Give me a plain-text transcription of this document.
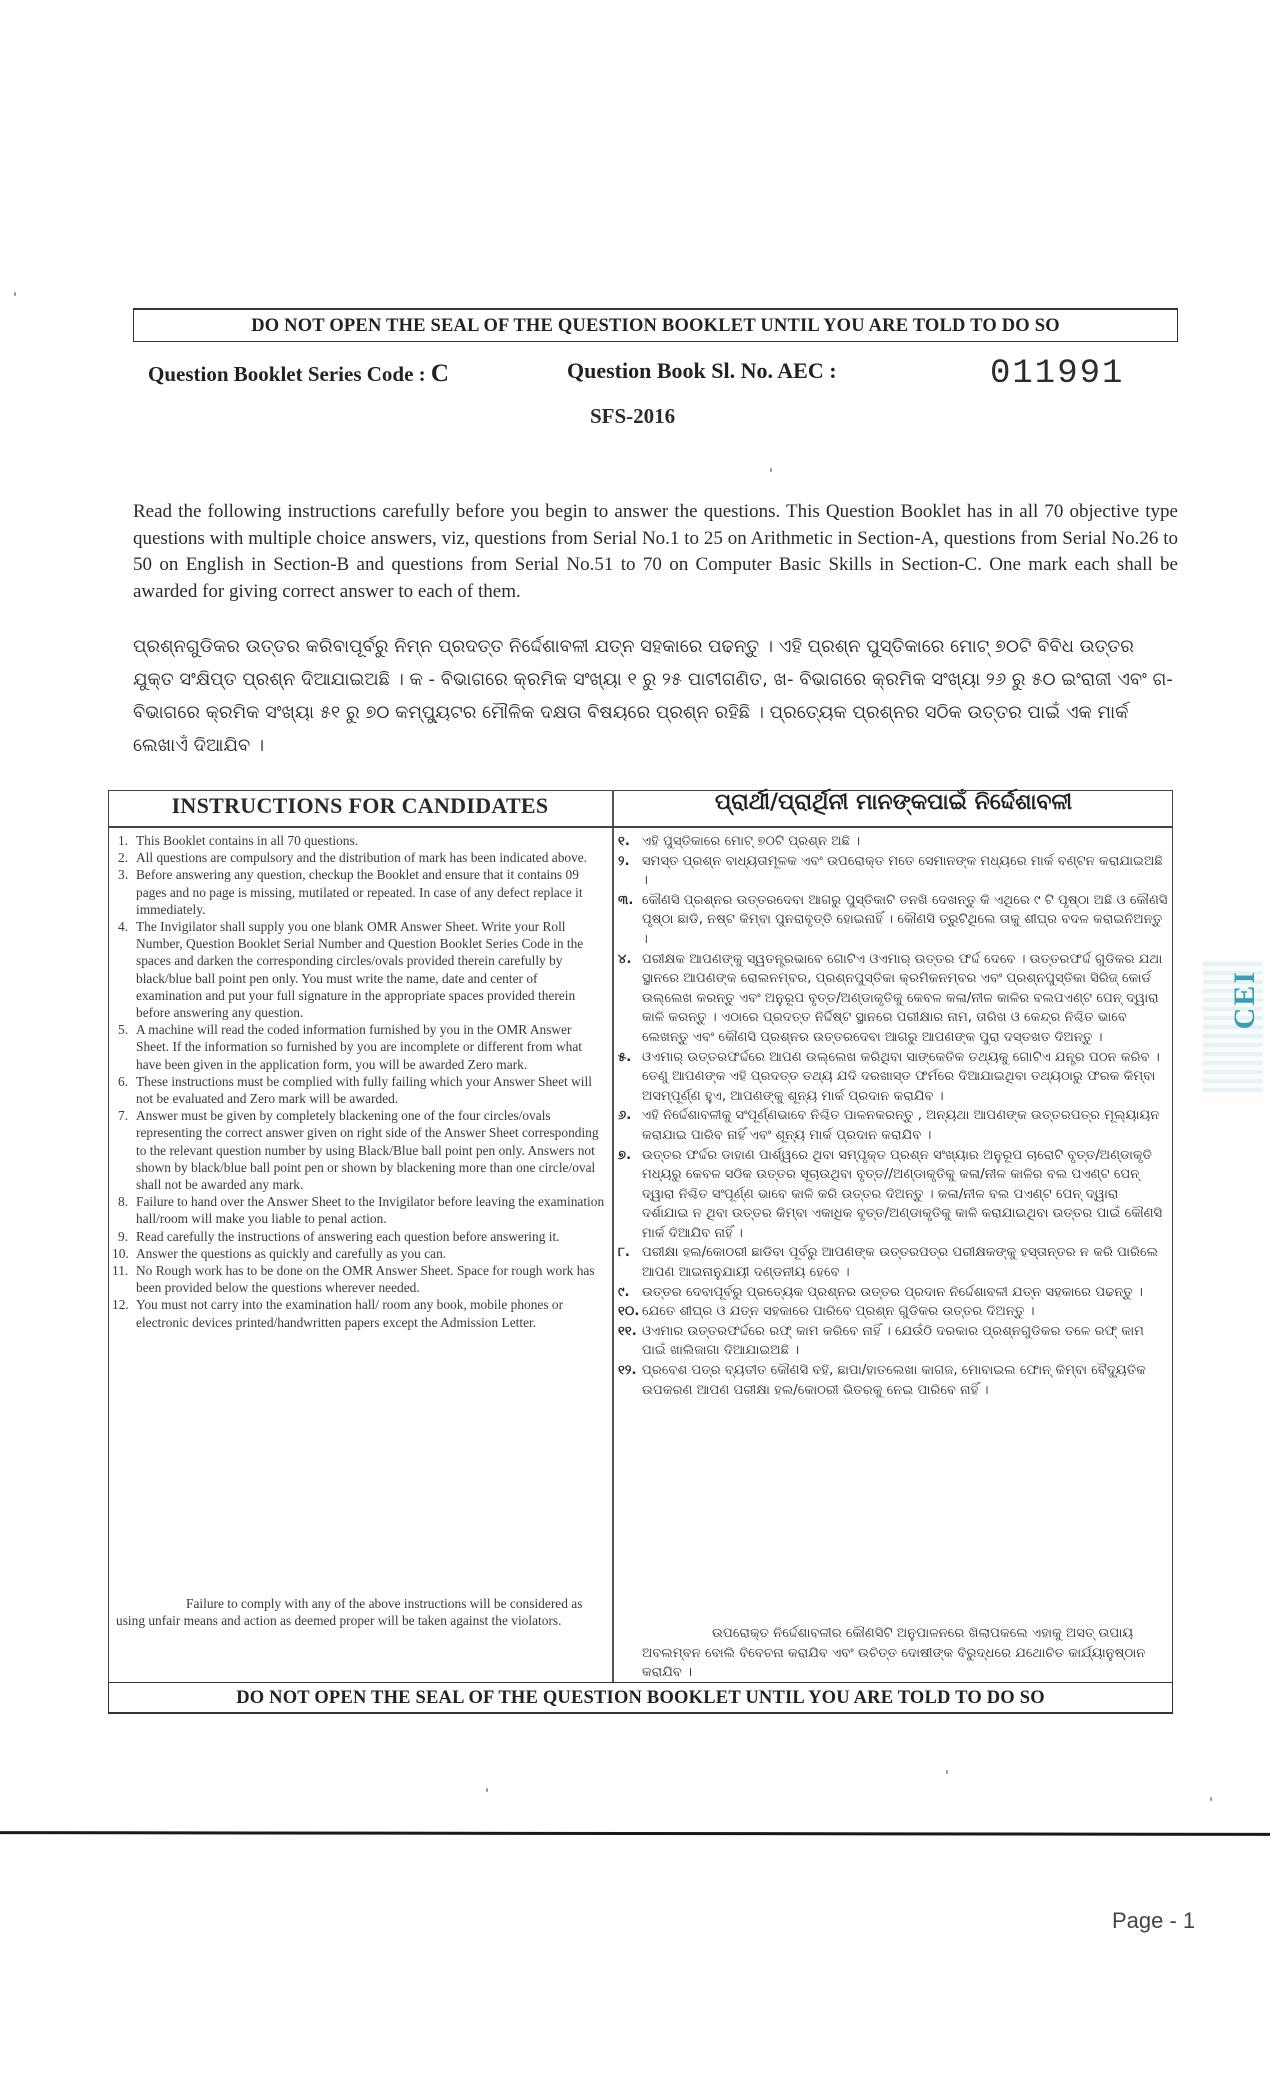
DO NOT OPEN THE SEAL OF THE QUESTION BOOKLET UNTIL YOU ARE TOLD TO DO SO
Question Booklet Series Code : C	Question Book Sl. No. AEC :	011991
SFS-2016
Read the following instructions carefully before you begin to answer the questions. This Question Booklet has in all 70 objective type questions with multiple choice answers, viz, questions from Serial No.1 to 25 on Arithmetic in Section-A, questions from Serial No.26 to 50 on English in Section-B and questions from Serial No.51 to 70 on Computer Basic Skills in Section-C. One mark each shall be awarded for giving correct answer to each of them.
ପ୍ରଶ୍ନଗୁଡିକର ଉତ୍ତର କରିବାପୂର୍ବରୁ ନିମ୍ନ ପ୍ରଦତ୍ତ ନିର୍ଦ୍ଦେଶାବଳୀ ଯତ୍ନ ସହକାରେ ପଢନ୍ତୁ । ଏହି ପ୍ରଶ୍ନ ପୁସ୍ତିକାରେ ମୋଟ୍ ୭୦ଟି ବିବିଧ ଉତ୍ତର ଯୁକ୍ତ ସଂକ୍ଷିପ୍ତ ପ୍ରଶ୍ନ ଦିଆଯାଇଅଛି । କ - ବିଭାଗରେ କ୍ରମିକ ସଂଖ୍ୟା ୧ ରୁ ୨୫ ପାଟୀଗଣିତ, ଖ- ବିଭାଗରେ କ୍ରମିକ ସଂଖ୍ୟା ୨୬ ରୁ ୫୦ ଇଂରାଜୀ ଏବଂ ଗ- ବିଭାଗରେ କ୍ରମିକ ସଂଖ୍ୟା ୫୧ ରୁ ୭୦ କମ୍ପ୍ୟୁଟର ମୌଳିକ ଦକ୍ଷତା ବିଷୟରେ ପ୍ରଶ୍ନ ରହିଛି । ପ୍ରତ୍ୟେକ ପ୍ରଶ୍ନର ସଠିକ ଉତ୍ତର ପାଇଁ ଏକ ମାର୍କ ଲେଖାଏଁ ଦିଆଯିବ ।
INSTRUCTIONS FOR CANDIDATES	ପ୍ରାର୍ଥୀ/ପ୍ରାର୍ଥିନୀ ମାନଙ୍କପାଇଁ ନିର୍ଦ୍ଦେଶାବଳୀ
1. This Booklet contains in all 70 questions.
2. All questions are compulsory and the distribution of mark has been indicated above.
3. Before answering any question, checkup the Booklet and ensure that it contains 09 pages and no page is missing, mutilated or repeated. In case of any defect replace it immediately.
4. The Invigilator shall supply you one blank OMR Answer Sheet. Write your Roll Number, Question Booklet Serial Number and Question Booklet Series Code in the spaces and darken the corresponding circles/ovals provided therein carefully by black/blue ball point pen only. You must write the name, date and center of examination and put your full signature in the appropriate spaces provided therein before answering any question.
5. A machine will read the coded information furnished by you in the OMR Answer Sheet. If the information so furnished by you are incomplete or different from what have been given in the application form, you will be awarded Zero mark.
6. These instructions must be complied with fully failing which your Answer Sheet will not be evaluated and Zero mark will be awarded.
7. Answer must be given by completely blackening one of the four circles/ovals representing the correct answer given on right side of the Answer Sheet corresponding to the relevant question number by using Black/Blue ball point pen only. Answers not shown by black/blue ball point pen or shown by blackening more than one circle/oval shall not be awarded any mark.
8. Failure to hand over the Answer Sheet to the Invigilator before leaving the examination hall/room will make you liable to penal action.
9. Read carefully the instructions of answering each question before answering it.
10. Answer the questions as quickly and carefully as you can.
11. No Rough work has to be done on the OMR Answer Sheet. Space for rough work has been provided below the questions wherever needed.
12. You must not carry into the examination hall/ room any book, mobile phones or electronic devices printed/handwritten papers except the Admission Letter.
Failure to comply with any of the above instructions will be considered as using unfair means and action as deemed proper will be taken against the violators.
୧. ଏହି ପୁସ୍ତିକାରେ ମୋଟ୍ ୭୦ଟି ପ୍ରଶ୍ନ ଅଛି ।
୨. ସମସ୍ତ ପ୍ରଶ୍ନ ବାଧ୍ୟତାମୂଳକ ଏବଂ ଉପରୋକ୍ତ ମତେ ସେମାନଙ୍କ ମଧ୍ୟରେ ମାର୍କ ବଣ୍ଟନ କରାଯାଇଅଛି ।
୩. କୌଣସି ପ୍ରଶ୍ନର ଉତ୍ତରଦେବା ଆଗରୁ ପୁସ୍ତିକାଟି ତନଖି ଦେଖନ୍ତୁ କି ଏଥିରେ ୯ ଟି ପୃଷ୍ଠା ଅଛି ଓ କୌଣସି ପୃଷ୍ଠା ଛାଡି, ନଷ୍ଟ କିମ୍ବା ପୁନରାବୃତ୍ତି ହୋଇନାହିଁ । କୌଣସି ତ୍ରୁଟିଥିଲେ ତାକୁ ଶୀଘ୍ର ବଦଳ କରାଇନିଅନ୍ତୁ ।
୪. ପରୀକ୍ଷକ ଆପଣଙ୍କୁ ସ୍ୱତନ୍ତ୍ରଭାବେ ଗୋଟିଏ ଓଏମାର୍ ଉତ୍ତର ଫର୍ଦ୍ଦ ଦେବେ । ଉତ୍ତରଫର୍ଦ୍ଦ ଗୁଡିକର ଯଥା ସ୍ଥାନରେ ଆପଣଙ୍କ ରୋଲନମ୍ବର, ପ୍ରଶ୍ନପୁସ୍ତିକା କ୍ରମିକନମ୍ବର ଏବଂ ପ୍ରଶ୍ନପୁସ୍ତିକା ସିରିଜ୍ କୋର୍ଡ ଉଲ୍ଲେଖ କରନ୍ତୁ ଏବଂ ଅନୁରୂପ ବୃତ୍ତ/ଅଣ୍ଡାକୃତିକୁ କେବଳ କଳା/ନୀଳ କାଳିର ବଲପଏଣ୍ଟ ପେନ୍ ଦ୍ୱାରା କାଳି କରନ୍ତୁ । ଏଠାରେ ପ୍ରଦତ୍ତ ନିର୍ଦ୍ଦିଷ୍ଟ ସ୍ଥାନରେ ପରୀକ୍ଷାର ନାମ, ତାରିଖ ଓ କେନ୍ଦ୍ର ନିଶ୍ଚିତ ଭାବେ ଲେଖନ୍ତୁ ଏବଂ କୌଣସି ପ୍ରଶ୍ନର ଉତ୍ତରଦେବା ଆଗରୁ ଆପଣଙ୍କ ପୁରା ଦସ୍ତଖତ ଦିଅନ୍ତୁ ।
୫. ଓଏମାର୍ ଉତ୍ତରଫର୍ଦ୍ଦରେ ଆପଣ ଉଲ୍ଲେଖ କରିଥିବା ସାଙ୍କେତିକ ତଥ୍ୟକୁ ଗୋଟିଏ ଯନ୍ତ୍ର ପଠନ କରିବ । ତେଣୁ ଆପଣଙ୍କ ଏହି ପ୍ରଦତ୍ତ ତଥ୍ୟ ଯଦି ଦରଖାସ୍ତ ଫର୍ମରେ ଦିଆଯାଇଥିବା ତଥ୍ୟଠାରୁ ଫରକ କିମ୍ବା ଅସମ୍ପୂର୍ଣ୍ଣ ହୁଏ, ଆପଣଙ୍କୁ ଶୂନ୍ୟ ମାର୍କ ପ୍ରଦାନ କରାଯିବ ।
୬. ଏହି ନିର୍ଦ୍ଦେଶାବଳୀକୁ ସଂପୂର୍ଣ୍ଣଭାବେ ନିଶ୍ଚିତ ପାଳନକରନ୍ତୁ , ଅନ୍ୟଥା ଆପଣଙ୍କ ଉତ୍ତରପତ୍ର ମୂଲ୍ୟାୟନ କରାଯାଇ ପାରିବ ନାହିଁ ଏବଂ ଶୂନ୍ୟ ମାର୍କ ପ୍ରଦାନ କରାଯିବ ।
୭. ଉତ୍ତର ଫର୍ଦ୍ଦର ଡାହାଣ ପାର୍ଶ୍ୱରେ ଥିବା ସମ୍ପୃକ୍ତ ପ୍ରଶ୍ନ ସଂଖ୍ୟାର ଅନୁରୂପ ଚାରୋଟି ବୃତ୍ତ/ଅଣ୍ଡାକୃତି ମଧ୍ୟରୁ କେବଳ ସଠିକ ଉତ୍ତର ସୂଚାଉଥିବା ବୃତ୍ତ//ଅଣ୍ଡାକୃତିକୁ କଳା/ନୀଳ କାଳିର ବଲ ପଏଣ୍ଟ ପେନ୍ ଦ୍ୱାରା ନିଶ୍ଚିତ ସଂପୂର୍ଣ୍ଣ ଭାବେ କାଳି କରି ଉତ୍ତର ଦିଅନ୍ତୁ । କଳା/ନୀଳ ବଲ ପଏଣ୍ଟ ପେନ୍ ଦ୍ୱାରା ଦର୍ଶାଯାଇ ନ ଥିବା ଉତ୍ତର କିମ୍ବା ଏକାଧିକ ବୃତ୍ତ/ଅଣ୍ଡାକୃତିକୁ କାଳି କରାଯାଇଥିବା ଉତ୍ତର ପାଇଁ କୌଣସି ମାର୍କ ଦିଆଯିବ ନାହିଁ ।
୮. ପରୀକ୍ଷା ହଲ/କୋଠରୀ ଛାଡିବା ପୂର୍ବରୁ ଆପଣଙ୍କ ଉତ୍ତରପତ୍ର ପରୀକ୍ଷକଙ୍କୁ ହସ୍ତାନ୍ତର ନ କରି ପାରିଲେ ଆପଣ ଆଇନାନୁଯାୟୀ ଦଣ୍ଡନୀୟ ହେବେ ।
୯. ଉତ୍ତର ଦେବାପୂର୍ବରୁ ପ୍ରତ୍ୟେକ ପ୍ରଶ୍ନର ଉତ୍ତର ପ୍ରଦାନ ନିର୍ଦ୍ଦେଶାବଳୀ ଯତ୍ନ ସହକାରେ ପଢନ୍ତୁ ।
୧୦. ଯେତେ ଶୀଘ୍ର ଓ ଯତ୍ନ ସହକାରେ ପାରିବେ ପ୍ରଶ୍ନ ଗୁଡିକର ଉତ୍ତର ଦିଅନ୍ତୁ ।
୧୧. ଓଏମାର ଉତ୍ତରଫର୍ଦ୍ଦରେ ରଫ୍ କାମ କରିବେ ନାହିଁ । ଯେଉଁଠି ଦରକାର ପ୍ରଶ୍ନଗୁଡିକର ତଳେ ରଫ୍ କାମ ପାଇଁ ଖାଲିଜାଗା ଦିଆଯାଇଅଛି ।
୧୨. ପ୍ରବେଶ ପତ୍ର ବ୍ୟତୀତ କୌଣସି ବହି, ଛାପା/ହାତଲେଖା କାଗଜ, ମୋବାଇଲ ଫୋନ୍ କିମ୍ବା ବୈଦ୍ୟୁତିକ ଉପକରଣ ଆପଣ ପରୀକ୍ଷା ହଲ/କୋଠରୀ ଭିତରକୁ ନେଇ ପାରିବେ ନାହିଁ ।
ଉପରୋକ୍ତ ନିର୍ଦ୍ଦେଶାବଳୀର କୌଣସିଟି ଅନୁପାଳନରେ ଖିଲାପକଲେ ଏହାକୁ ଅସତ୍ ଉପାୟ ଅବଲମ୍ବନ ବୋଲି ବିବେଚନା କରାଯିବ ଏବଂ ଉଚିତ୍ତ ଦୋଷୀଙ୍କ ବିରୁଦ୍ଧରେ ଯଥୋଚିତ କାର୍ଯ୍ୟାନୁଷ୍ଠାନ କରାଯିବ ।
DO NOT OPEN THE SEAL OF THE QUESTION BOOKLET UNTIL YOU ARE TOLD TO DO SO
CEI
Page - 1
